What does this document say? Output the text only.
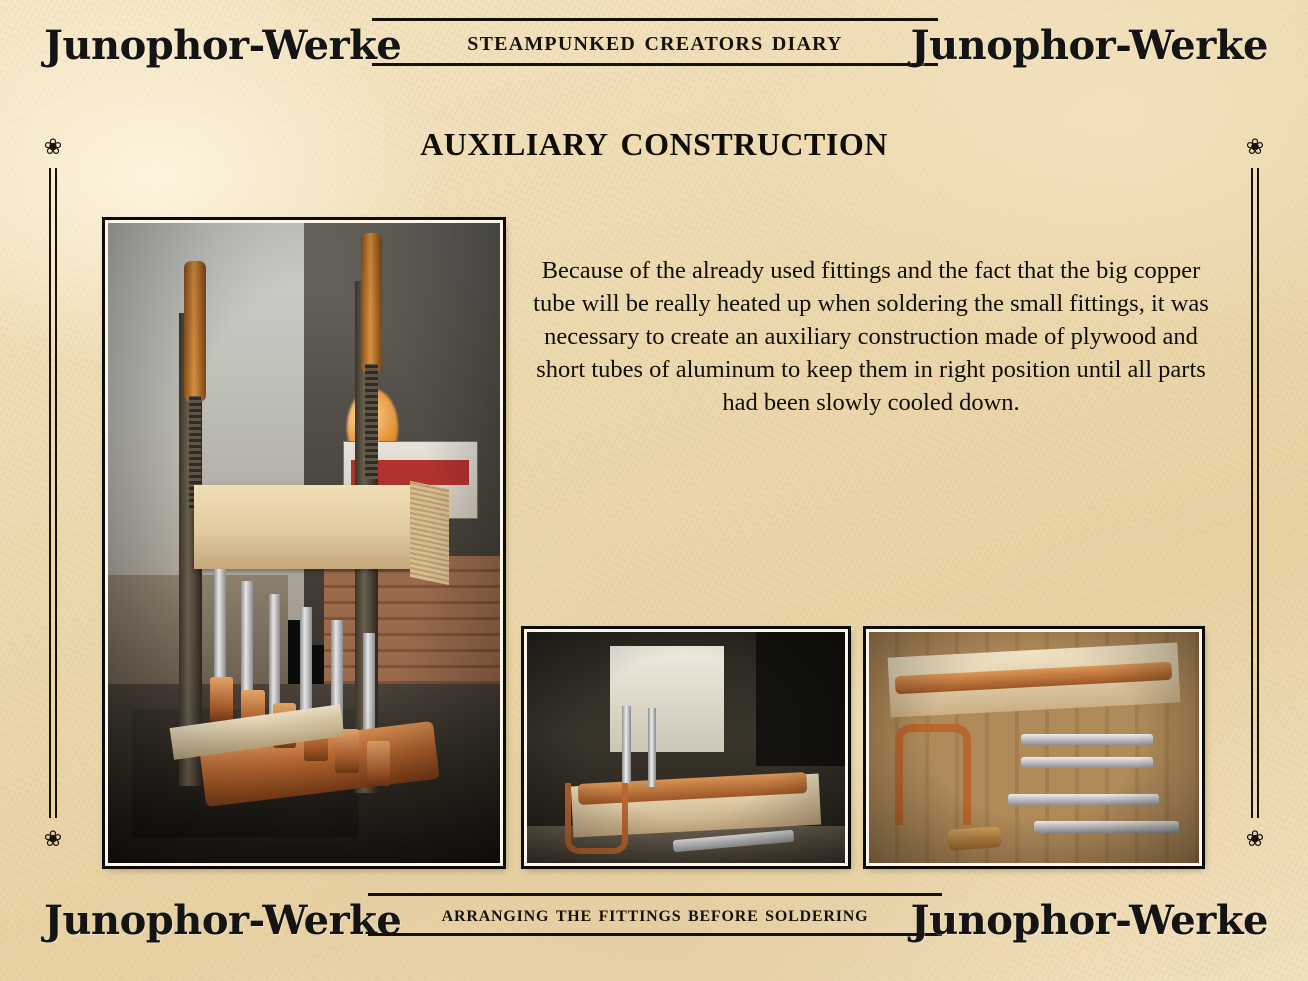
Junophor-Werke	steampunked creators diary	Junophor-Werke
auxiliary construction
❀
❀
❀
❀
Because of the already used fittings and the fact that the big copper tube will be really heated up when soldering the small fittings, it was necessary to create an auxiliary construction made of plywood and short tubes of aluminum to keep them in right position until all parts had been slowly cooled down.
Junophor-Werke	arranging the fittings before soldering	Junophor-Werke
